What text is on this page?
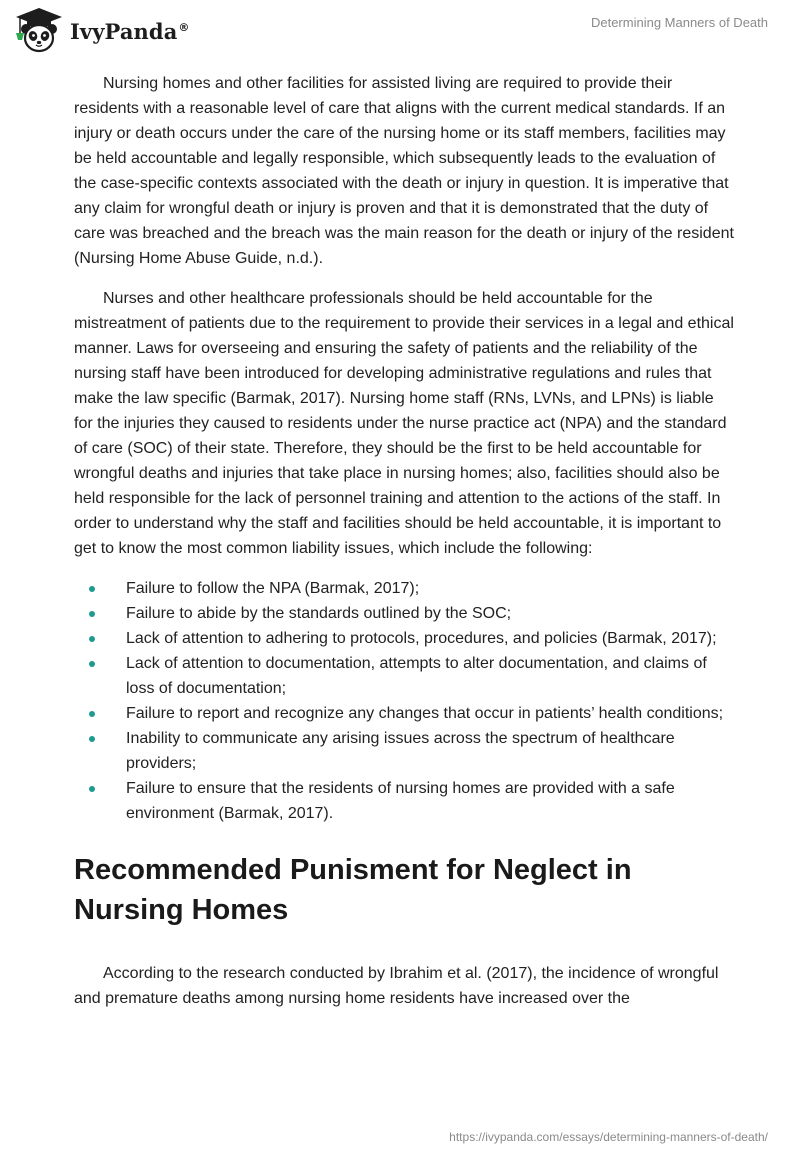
IvyPanda®	Determining Manners of Death

Nursing homes and other facilities for assisted living are required to provide their residents with a reasonable level of care that aligns with the current medical standards. If an injury or death occurs under the care of the nursing home or its staff members, facilities may be held accountable and legally responsible, which subsequently leads to the evaluation of the case-specific contexts associated with the death or injury in question. It is imperative that any claim for wrongful death or injury is proven and that it is demonstrated that the duty of care was breached and the breach was the main reason for the death or injury of the resident (Nursing Home Abuse Guide, n.d.).

Nurses and other healthcare professionals should be held accountable for the mistreatment of patients due to the requirement to provide their services in a legal and ethical manner. Laws for overseeing and ensuring the safety of patients and the reliability of the nursing staff have been introduced for developing administrative regulations and rules that make the law specific (Barmak, 2017). Nursing home staff (RNs, LVNs, and LPNs) is liable for the injuries they caused to residents under the nurse practice act (NPA) and the standard of care (SOC) of their state. Therefore, they should be the first to be held accountable for wrongful deaths and injuries that take place in nursing homes; also, facilities should also be held responsible for the lack of personnel training and attention to the actions of the staff. In order to understand why the staff and facilities should be held accountable, it is important to get to know the most common liability issues, which include the following:

Failure to follow the NPA (Barmak, 2017);
Failure to abide by the standards outlined by the SOC;
Lack of attention to adhering to protocols, procedures, and policies (Barmak, 2017);
Lack of attention to documentation, attempts to alter documentation, and claims of loss of documentation;
Failure to report and recognize any changes that occur in patients’ health conditions;
Inability to communicate any arising issues across the spectrum of healthcare providers;
Failure to ensure that the residents of nursing homes are provided with a safe environment (Barmak, 2017).
Recommended Punisment for Neglect in Nursing Homes

According to the research conducted by Ibrahim et al. (2017), the incidence of wrongful and premature deaths among nursing home residents have increased over the

https://ivypanda.com/essays/determining-manners-of-death/
